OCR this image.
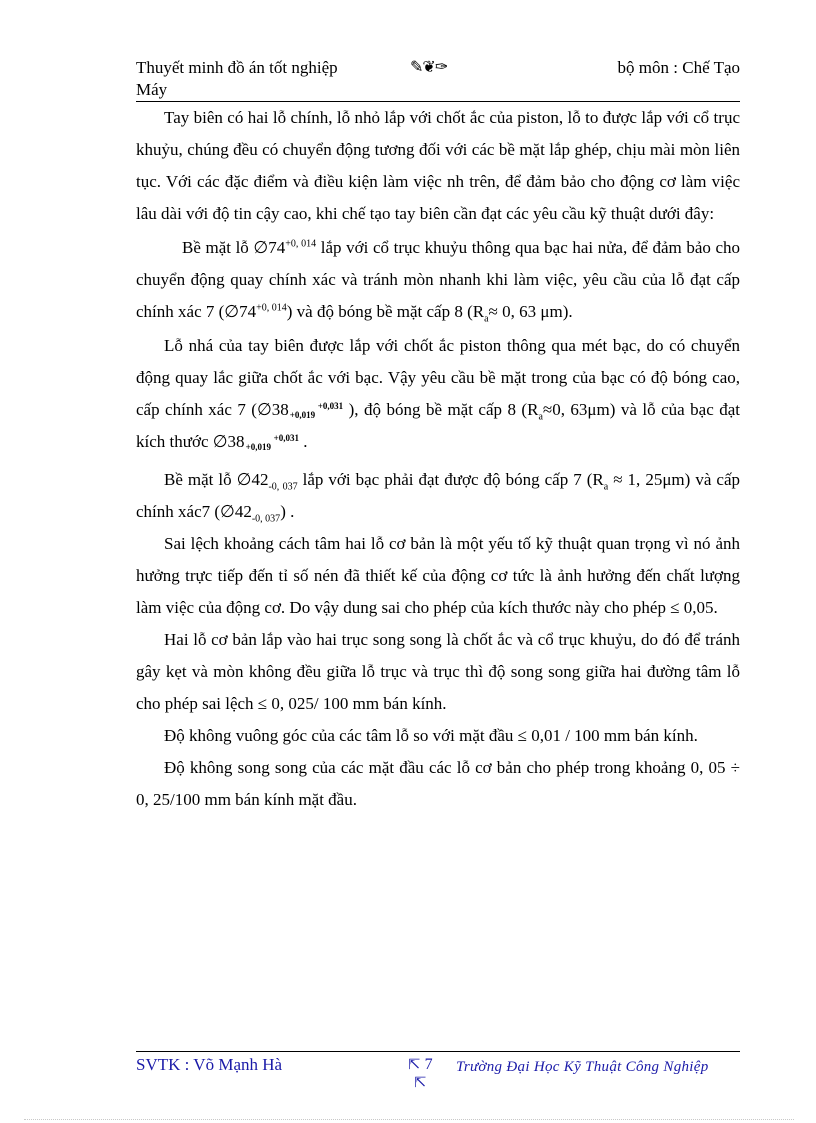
Thuyết minh đồ án tốt nghiệp
Máy
✎❦✑	bộ môn : Chế Tạo

Tay biên có hai lỗ chính, lỗ nhỏ lắp với chốt ắc của piston, lỗ to được lắp với cổ trục khuỷu, chúng đều có chuyển động tương đối với các bề mặt lắp ghép, chịu mài mòn liên tục. Với các đặc điểm và điều kiện làm việc nh trên, để đảm bảo cho động cơ làm việc lâu dài với độ tin cậy cao, khi chế tạo tay biên cần đạt các yêu cầu kỹ thuật dưới đây:

Bề mặt lỗ $\emptyset 74^{+0, 014}$ lắp với cổ trục khuỷu thông qua bạc hai nửa, để đảm bảo cho chuyển động quay chính xác và tránh mòn nhanh khi làm việc, yêu cầu của lỗ đạt cấp chính xác 7 $(\emptyset 74^{+0, 014})$ và độ bóng bề mặt cấp 8 ($R_a\approx 0$, 63 μm).

Lỗ nhá của tay biên được lắp với chốt ắc piston thông qua mét bạc, do có chuyển động quay lắc giữa chốt ắc với bạc. Vậy yêu cầu bề mặt trong của bạc có độ bóng cao, cấp chính xác 7 (∅38	+0,031
+0,019 ), độ bóng bề mặt cấp 8 ($R_a\approx 0$, 63μm) và lỗ của bạc đạt kích thước ∅38	+0,031
+0,019 .

Bề mặt lỗ $\emptyset 42_{-0, 037}$ lắp với bạc phải đạt được độ bóng cấp 7 ($R_a \approx 1$, 25μm) và cấp chính xác7 $(\emptyset 42_{-0, 037})$ .

Sai lệch khoảng cách tâm hai lỗ cơ bản là một yếu tố kỹ thuật quan trọng vì nó ảnh hưởng trực tiếp đến tỉ số nén đã thiết kế của động cơ tức là ảnh hưởng đến chất lượng làm việc của động cơ. Do vậy dung sai cho phép của kích thước này cho phép ≤ 0,05.

Hai lỗ cơ bản lắp vào hai trục song song là chốt ắc và cổ trục khuỷu, do đó để tránh gây kẹt và mòn không đều giữa lỗ trục và trục thì độ song song giữa hai đường tâm lỗ cho phép sai lệch ≤ 0, 025/ 100 mm bán kính.

Độ không vuông góc của các tâm lỗ so với mặt đầu ≤ 0,01 / 100 mm bán kính.

Độ không song song của các mặt đầu các lỗ cơ bản cho phép trong khoảng 0, 05 ÷ 0, 25/100 mm bán kính mặt đầu.

SVTK : Võ Mạnh Hà	⇱ 7
⇱
Trường Đại Học Kỹ Thuật Công Nghiệp
